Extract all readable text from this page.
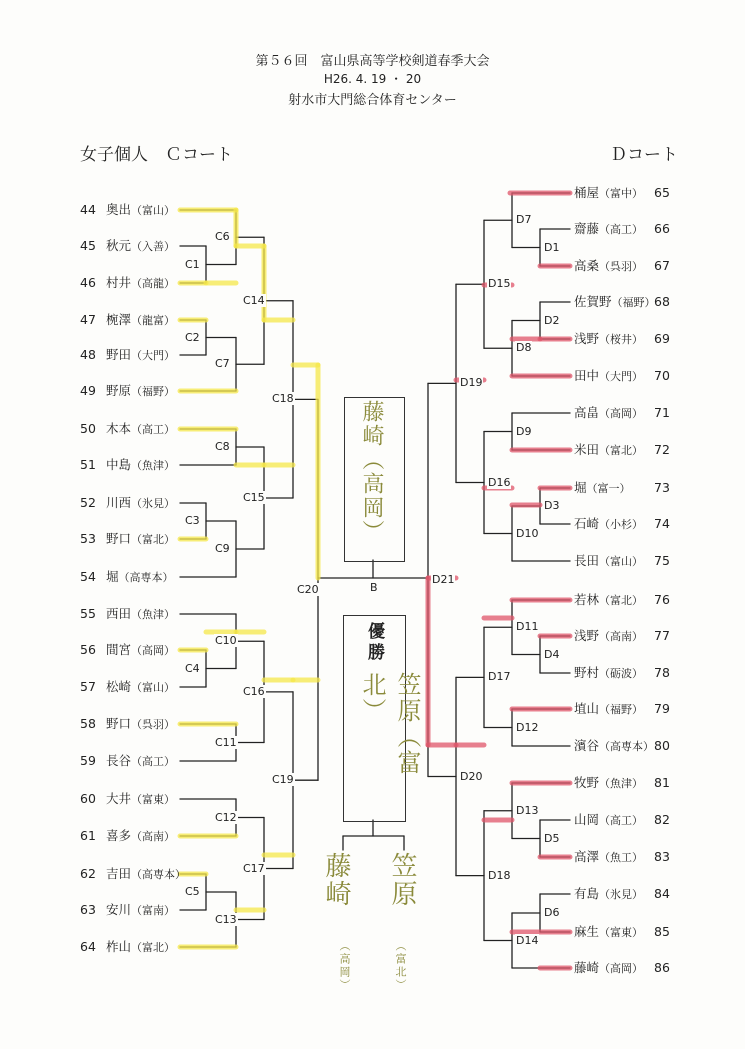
第５６回　富山県高等学校剣道春季大会
H26. 4. 19 ・ 20
射水市大門総合体育センター
女子個人　Ｃコート	Ｄコート
44 奥出（富山）
45 秋元（入善）
46 村井（高龍）
47 椀澤（龍富）
48 野田（大門）
49 野原（福野）
50 木本（高工）
51 中島（魚津）
52 川西（氷見）
53 野口（富北）
54 堀（高専本）
55 西田（魚津）
56 間宮（高岡）
57 松崎（富山）
58 野口（呉羽）
59 長谷（高工）
60 大井（富東）
61 喜多（高南）
62 吉田（高専本）
63 安川（富南）
64 柞山（富北）
桶屋（富中） 65
齋藤（高工） 66
高桑（呉羽） 67
佐賀野（福野）
68
浅野（桜井） 69
田中（大門） 70
高畠（高岡） 71
米田（富北） 72
堀（富一） 73
石崎（小杉） 74
長田（富山） 75
若林（富北） 76
浅野（高南） 77
野村（砺波） 78
埴山（福野） 79
濱谷（高専本） 80
牧野（魚津） 81
山岡（高工） 82
高澤（魚工） 83
有島（氷見） 84
麻生（富東） 85
藤崎（高岡） 86
C1
C6
C2
C7
C14
C8
C3
C9
C15
C18
C4
C10
C11
C16
C12
C5
C13
C17
C19
C20
D1
D7
D2
D8
D15
D9
D3
D10
D16
D19
D4
D11
D12
D17
D5
D13
D6
D14
D18
D20
D21
B
藤崎（高岡）
優勝
笠原（富北）
藤崎
（高岡）
笠原
（富北）
